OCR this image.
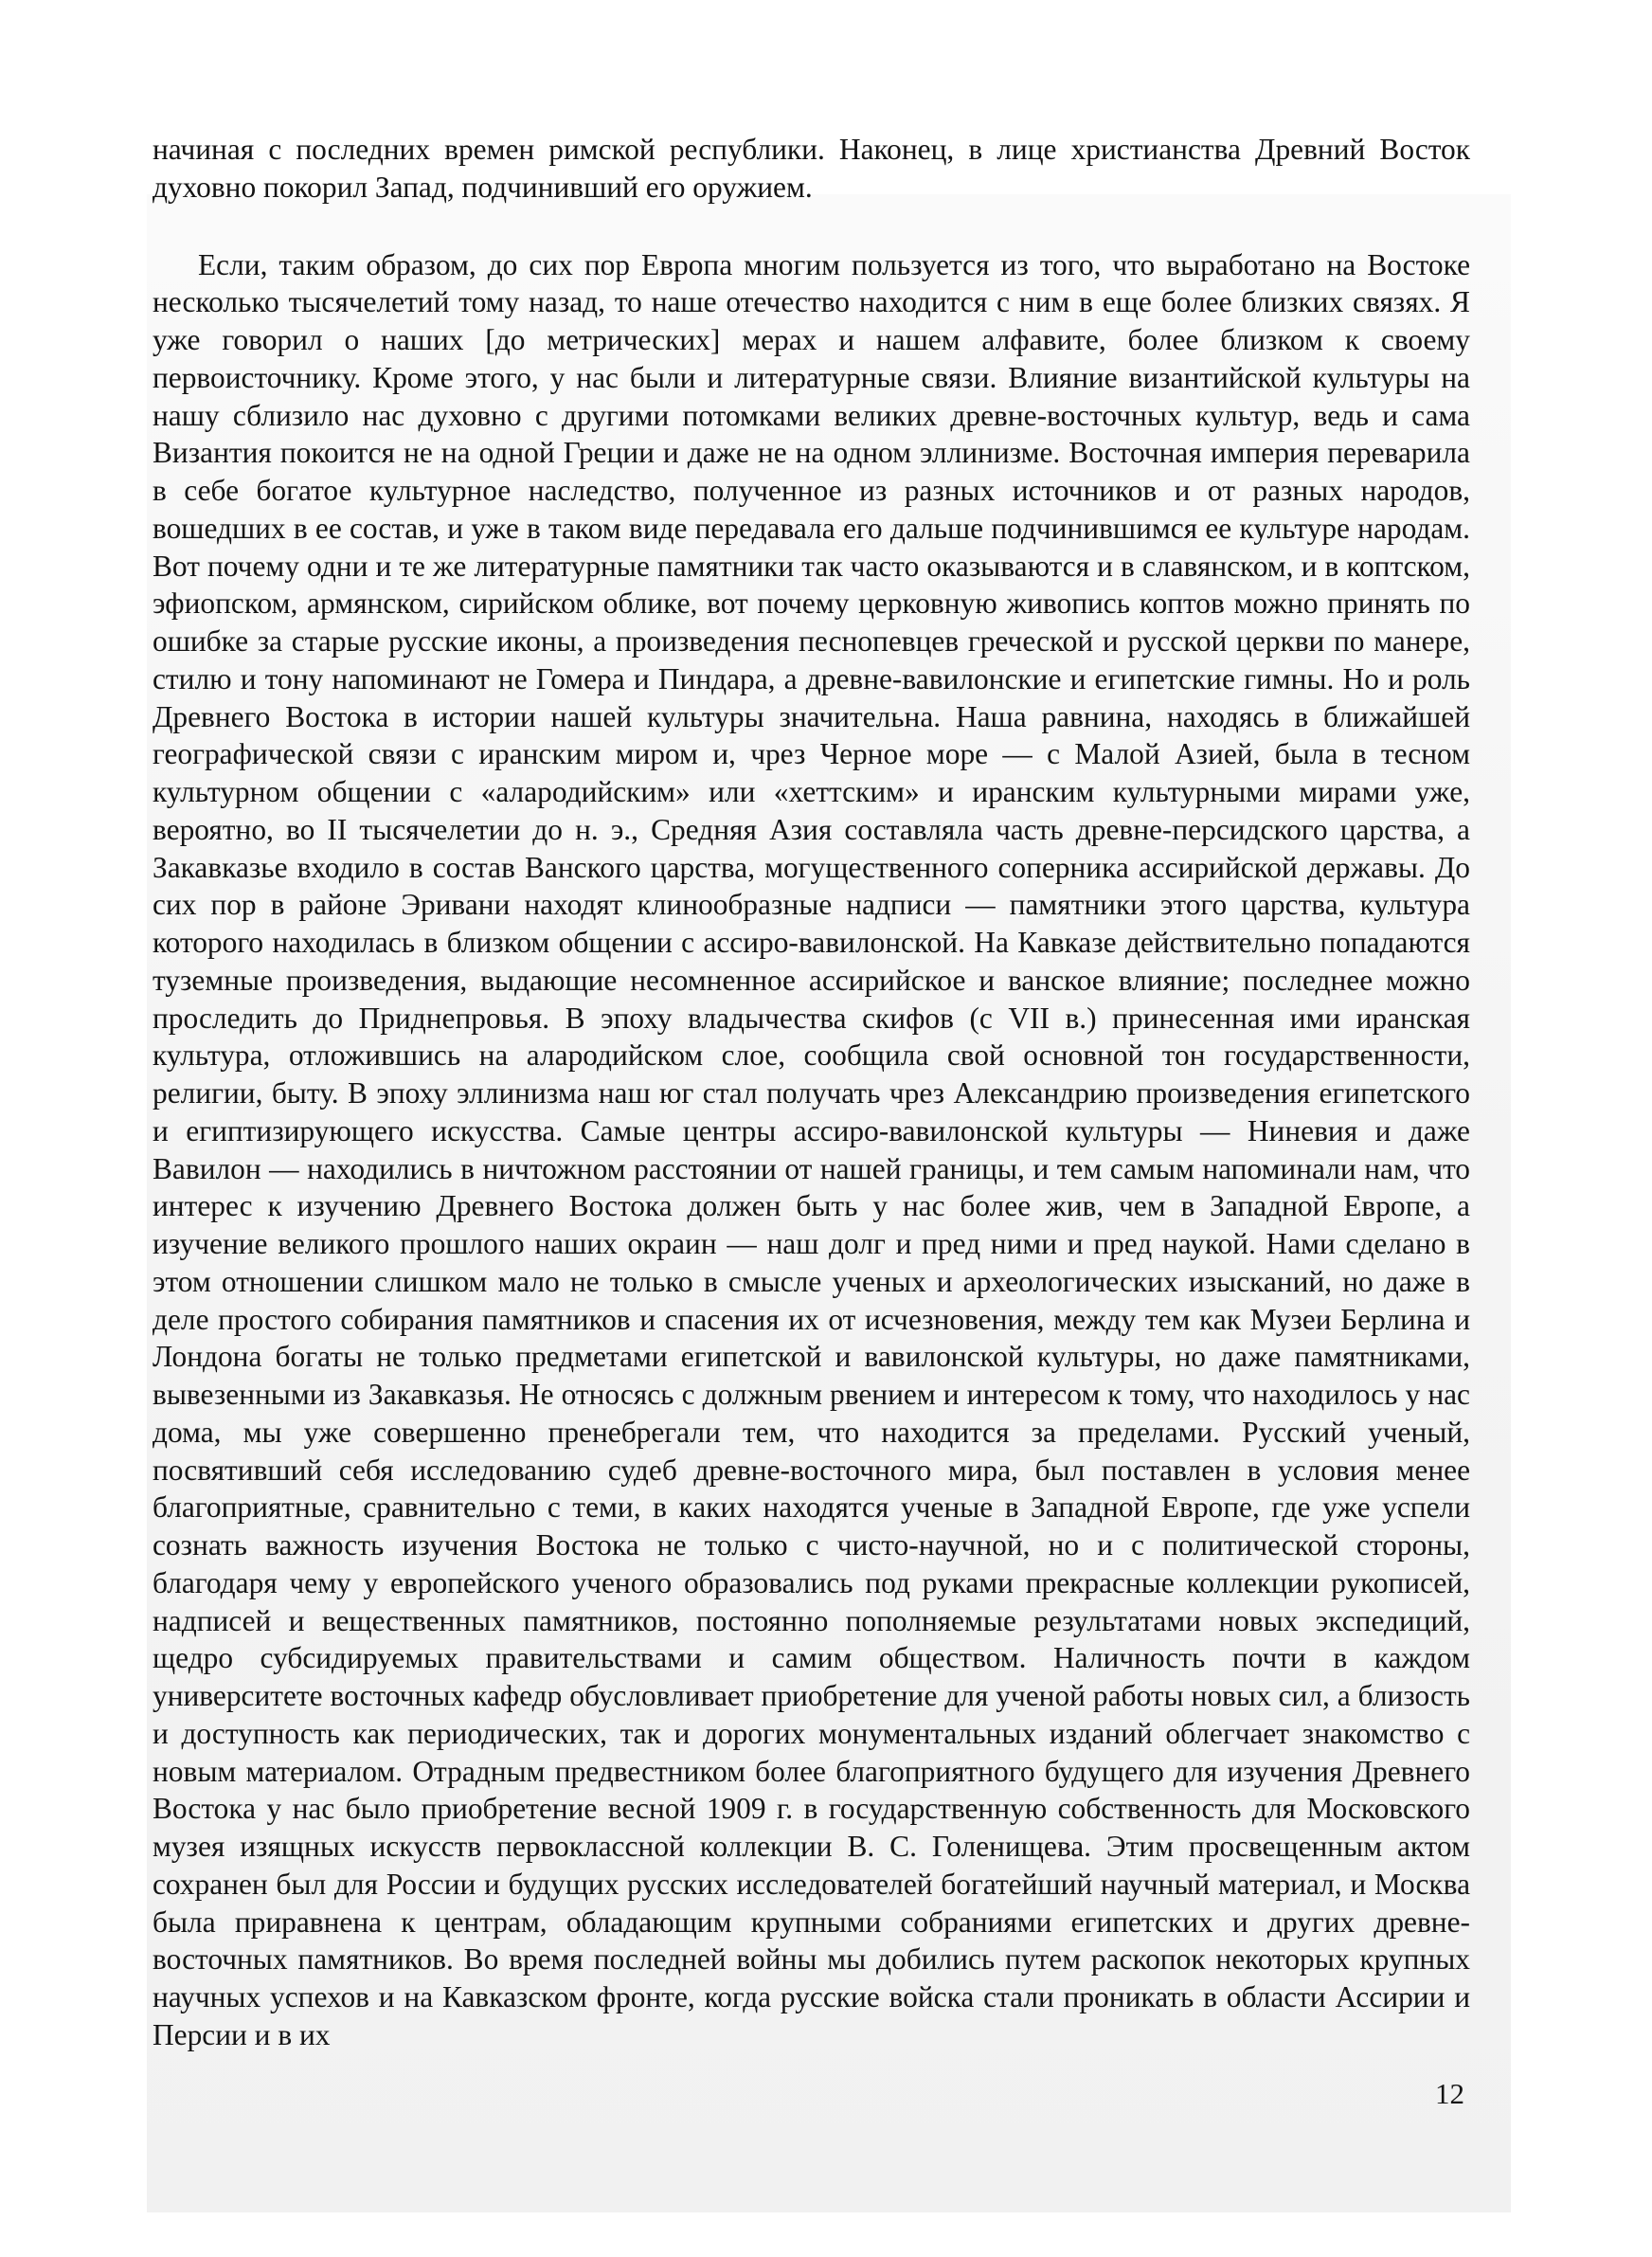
начиная с последних времен римской республики. Наконец, в лице христианства Древний Восток духовно покорил Запад, подчинивший его оружием.

Если, таким образом, до сих пор Европа многим пользуется из того, что выработано на Востоке несколько тысячелетий тому назад, то наше отечество находится с ним в еще более близких связях. Я уже говорил о наших [до метрических] мерах и нашем алфавите, более близком к своему первоисточнику. Кроме этого, у нас были и литературные связи. Влияние византийской культуры на нашу сблизило нас духовно с другими потомками великих древне-восточных культур, ведь и сама Византия покоится не на одной Греции и даже не на одном эллинизме. Восточная империя переварила в себе богатое культурное наследство, полученное из разных источников и от разных народов, вошедших в ее состав, и уже в таком виде передавала его дальше подчинившимся ее культуре народам. Вот почему одни и те же литературные памятники так часто оказываются и в славянском, и в коптском, эфиопском, армянском, сирийском облике, вот почему церковную живопись коптов можно принять по ошибке за старые русские иконы, а произведения песнопевцев греческой и русской церкви по манере, стилю и тону напоминают не Гомера и Пиндара, а древне-вавилонские и египетские гимны. Но и роль Древнего Востока в истории нашей культуры значительна. Наша равнина, находясь в ближайшей географической связи с иранским миром и, чрез Черное море — с Малой Азией, была в тесном культурном общении с «алародийским» или «хеттским» и иранским культурными мирами уже, вероятно, во II тысячелетии до н. э., Средняя Азия составляла часть древне-персидского царства, а Закавказье входило в состав Ванского царства, могущественного соперника ассирийской державы. До сих пор в районе Эривани находят клинообразные надписи — памятники этого царства, культура которого находилась в близком общении с ассиро-вавилонской. На Кавказе действительно попадаются туземные произведения, выдающие несомненное ассирийское и ванское влияние; последнее можно проследить до Приднепровья. В эпоху владычества скифов (с VII в.) принесенная ими иранская культура, отложившись на алародийском слое, сообщила свой основной тон государственности, религии, быту. В эпоху эллинизма наш юг стал получать чрез Александрию произведения египетского и египтизирующего искусства. Самые центры ассиро-вавилонской культуры — Ниневия и даже Вавилон — находились в ничтожном расстоянии от нашей границы, и тем самым напоминали нам, что интерес к изучению Древнего Востока должен быть у нас более жив, чем в Западной Европе, а изучение великого прошлого наших окраин — наш долг и пред ними и пред наукой. Нами сделано в этом отношении слишком мало не только в смысле ученых и археологических изысканий, но даже в деле простого собирания памятников и спасения их от исчезновения, между тем как Музеи Берлина и Лондона богаты не только предметами египетской и вавилонской культуры, но даже памятниками, вывезенными из Закавказья. Не относясь с должным рвением и интересом к тому, что находилось у нас дома, мы уже совершенно пренебрегали тем, что находится за пределами. Русский ученый, посвятивший себя исследованию судеб древне-восточного мира, был поставлен в условия менее благоприятные, сравнительно с теми, в каких находятся ученые в Западной Европе, где уже успели сознать важность изучения Востока не только с чисто-научной, но и с политической стороны, благодаря чему у европейского ученого образовались под руками прекрасные коллекции рукописей, надписей и вещественных памятников, постоянно пополняемые результатами новых экспедиций, щедро субсидируемых правительствами и самим обществом. Наличность почти в каждом университете восточных кафедр обусловливает приобретение для ученой работы новых сил, а близость и доступность как периодических, так и дорогих монументальных изданий облегчает знакомство с новым материалом. Отрадным предвестником более благоприятного будущего для изучения Древнего Востока у нас было приобретение весной 1909 г. в государственную собственность для Московского музея изящных искусств первоклассной коллекции В. С. Голенищева. Этим просвещенным актом сохранен был для России и будущих русских исследователей богатейший научный материал, и Москва была приравнена к центрам, обладающим крупными собраниями египетских и других древне-восточных памятников. Во время последней войны мы добились путем раскопок некоторых крупных научных успехов и на Кавказском фронте, когда русские войска стали проникать в области Ассирии и Персии и в их

12
